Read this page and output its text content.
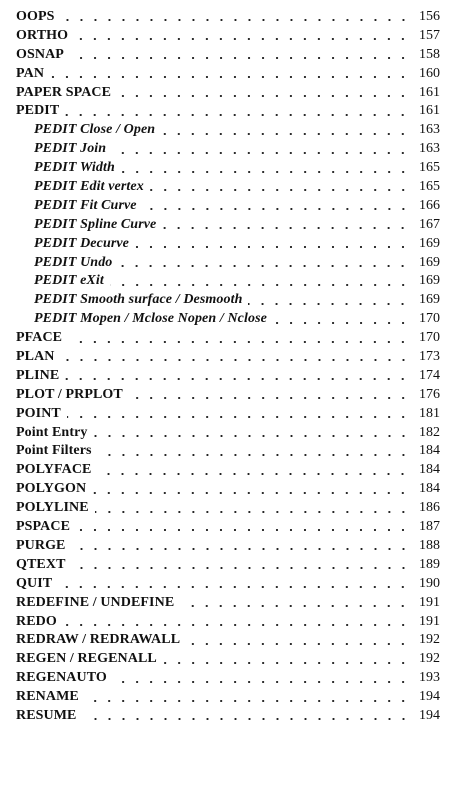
OOPS	156
ORTHO	157
OSNAP	158
PAN	160
PAPER SPACE	161
PEDIT	161
PEDIT Close / Open	163
PEDIT Join	163
PEDIT Width	165
PEDIT Edit vertex	165
PEDIT Fit Curve	166
PEDIT Spline Curve	167
PEDIT Decurve	169
PEDIT Undo	169
PEDIT eXit	169
PEDIT Smooth surface / Desmooth	169
PEDIT Mopen / Mclose Nopen / Nclose	170
PFACE	170
PLAN	173
PLINE	174
PLOT / PRPLOT	176
POINT	181
Point Entry	182
Point Filters	184
POLYFACE	184
POLYGON	184
POLYLINE	186
PSPACE	187
PURGE	188
QTEXT	189
QUIT	190
REDEFINE / UNDEFINE	191
REDO	191
REDRAW / REDRAWALL	192
REGEN / REGENALL	192
REGENAUTO	193
RENAME	194
RESUME	194
